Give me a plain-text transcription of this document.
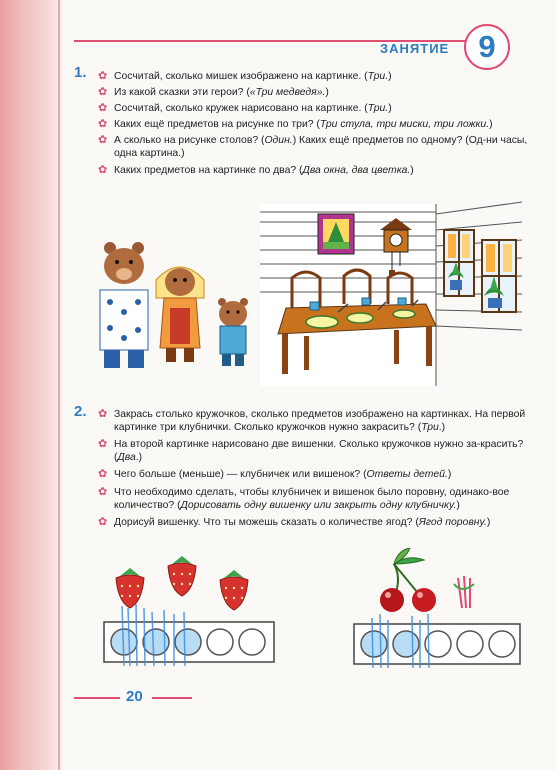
ЗАНЯТИЕ 9
1. ✿ Сосчитай, сколько мишек изображено на картинке. (Три.)
✿ Из какой сказки эти герои? («Три медведя».)
✿ Сосчитай, сколько кружек нарисовано на картинке. (Три.)
✿ Каких ещё предметов на рисунке по три? (Три стула, три миски, три ложки.)
✿ А сколько на рисунке столов? (Один.) Каких ещё предметов по одному? (Од-ни часы, одна картина.)
✿ Каких предметов на картинке по два? (Два окна, два цветка.)
2. ✿ Закрась столько кружочков, сколько предметов изображено на картинках. На первой картинке три клубнички. Сколько кружочков нужно закрасить? (Три.)
✿ На второй картинке нарисовано две вишенки. Сколько кружочков нужно за-красить? (Два.)
✿ Чего больше (меньше) — клубничек или вишенок? (Ответы детей.)
✿ Что необходимо сделать, чтобы клубничек и вишенок было поровну, одинако-вое количество? (Дорисовать одну вишенку или закрыть одну клубничку.)
✿ Дорисуй вишенку. Что ты можешь сказать о количестве ягод? (Ягод поровну.)
20
